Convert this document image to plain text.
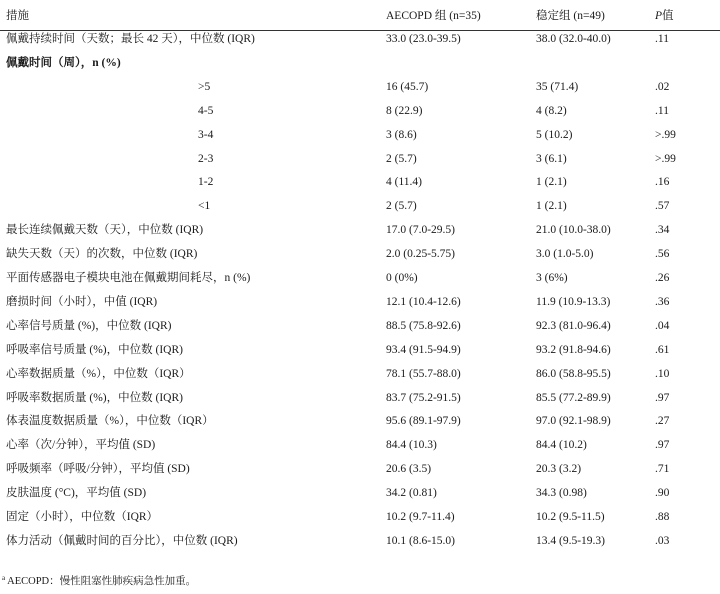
措施	AECOPD 组 (n=35)	稳定组 (n=49)	P值
佩戴持续时间（天数；最长 42 天），中位数 (IQR)	33.0 (23.0-39.5)	38.0 (32.0-40.0)	.11
佩戴时间（周），n (%)
>5	16 (45.7)	35 (71.4)	.02
4-5	8 (22.9)	4 (8.2)	.11
3-4	3 (8.6)	5 (10.2)	>.99
2-3	2 (5.7)	3 (6.1)	>.99
1-2	4 (11.4)	1 (2.1)	.16
<1	2 (5.7)	1 (2.1)	.57
最长连续佩戴天数（天），中位数 (IQR)	17.0 (7.0-29.5)	21.0 (10.0-38.0)	.34
缺失天数（天）的次数，中位数 (IQR)	2.0 (0.25-5.75)	3.0 (1.0-5.0)	.56
平面传感器电子模块电池在佩戴期间耗尽，n (%)	0 (0%)	3 (6%)	.26
磨损时间（小时），中值 (IQR)	12.1 (10.4-12.6)	11.9 (10.9-13.3)	.36
心率信号质量 (%)，中位数 (IQR)	88.5 (75.8-92.6)	92.3 (81.0-96.4)	.04
呼吸率信号质量 (%)，中位数 (IQR)	93.4 (91.5-94.9)	93.2 (91.8-94.6)	.61
心率数据质量（%），中位数（IQR）	78.1 (55.7-88.0)	86.0 (58.8-95.5)	.10
呼吸率数据质量 (%)，中位数 (IQR)	83.7 (75.2-91.5)	85.5 (77.2-89.9)	.97
体表温度数据质量（%），中位数（IQR）	95.6 (89.1-97.9)	97.0 (92.1-98.9)	.27
心率（次/分钟），平均值 (SD)	84.4 (10.3)	84.4 (10.2)	.97
呼吸频率（呼吸/分钟），平均值 (SD)	20.6 (3.5)	20.3 (3.2)	.71
皮肤温度 (°C)，平均值 (SD)	34.2 (0.81)	34.3 (0.98)	.90
固定（小时），中位数（IQR）	10.2 (9.7-11.4)	10.2 (9.5-11.5)	.88
体力活动（佩戴时间的百分比），中位数 (IQR)	10.1 (8.6-15.0)	13.4 (9.5-19.3)	.03
$^a$ AECOPD：慢性阻塞性肺疾病急性加重。
